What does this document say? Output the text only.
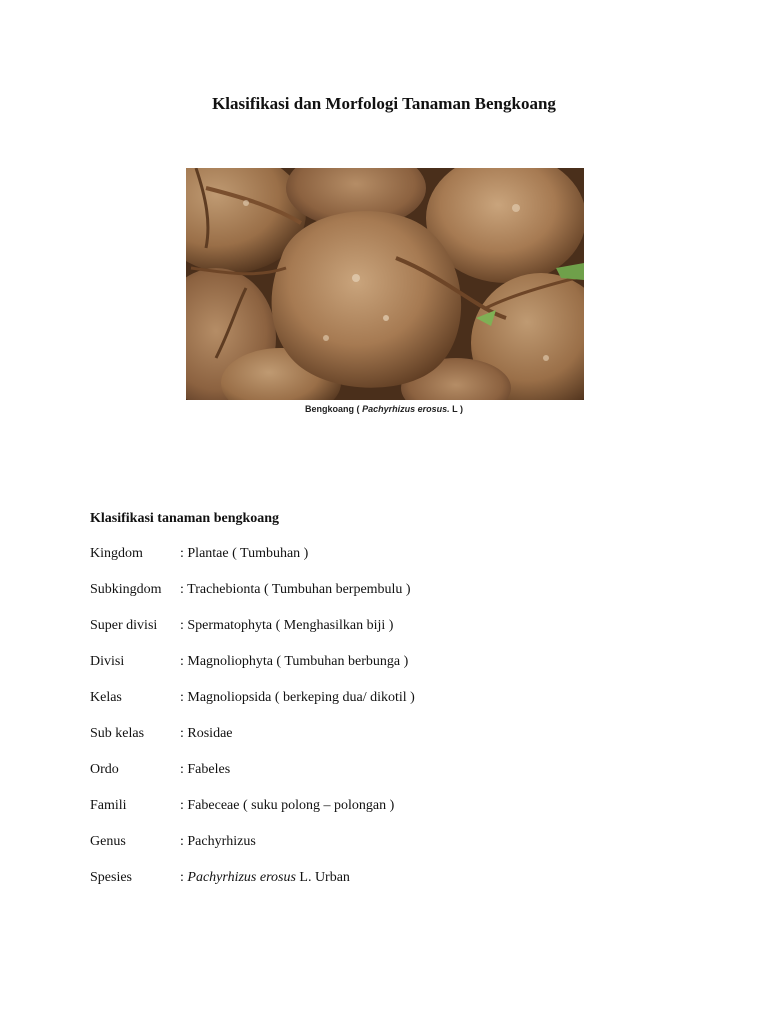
Klasifikasi dan Morfologi Tanaman Bengkoang
Bengkoang ( Pachyrhizus erosus. L )
Klasifikasi tanaman bengkoang
Kingdom	: Plantae ( Tumbuhan )
Subkingdom	: Trachebionta ( Tumbuhan berpembulu )
Super divisi	: Spermatophyta ( Menghasilkan biji )
Divisi	: Magnoliophyta ( Tumbuhan berbunga )
Kelas	: Magnoliopsida ( berkeping dua/ dikotil )
Sub kelas	: Rosidae
Ordo	: Fabeles
Famili	: Fabeceae ( suku polong – polongan )
Genus	: Pachyrhizus
Spesies	: Pachyrhizus erosus L. Urban
